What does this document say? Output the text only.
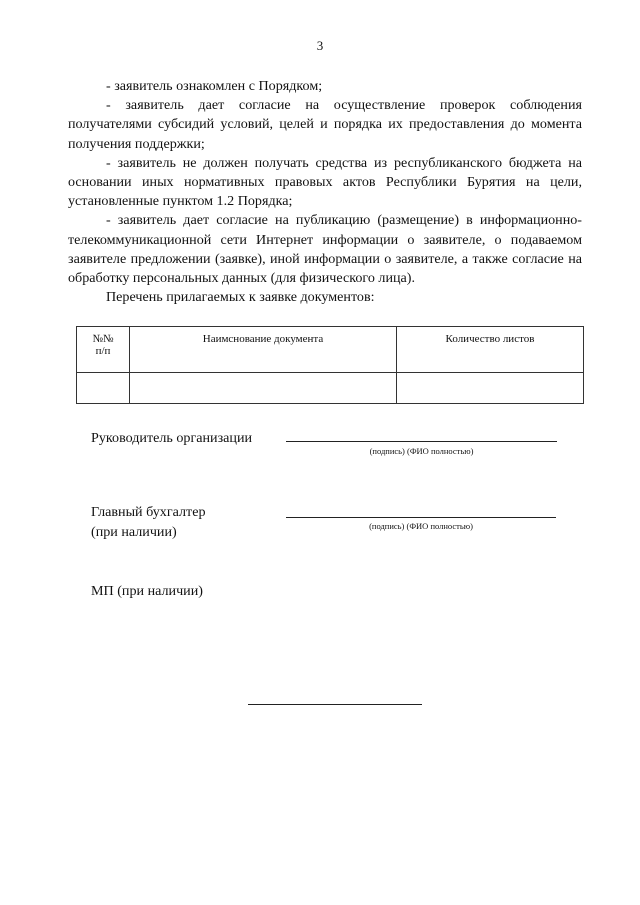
3

- заявитель ознакомлен с Порядком;

- заявитель дает согласие на осуществление проверок соблюдения получателями субсидий условий, целей и порядка их предоставления до момента получения поддержки;

- заявитель не должен получать средства из республиканского бюджета на основании иных нормативных правовых актов Республики Бурятия на цели, установленные пунктом 1.2 Порядка;

- заявитель дает согласие на публикацию (размещение) в информационно-телекоммуникационной сети Интернет информации о заявителе, о подаваемом заявителе предложении (заявке), иной информации о заявителе, а также согласие на обработку персональных данных (для физического лица).

Перечень прилагаемых к заявке документов:

№№
п/п	Наимснование документа	Количество листов

Руководитель организации
(подпись) (ФИО полностью)
Главный бухгалтер
(при наличии)	(подпись) (ФИО полностью)
МП (при наличии)
